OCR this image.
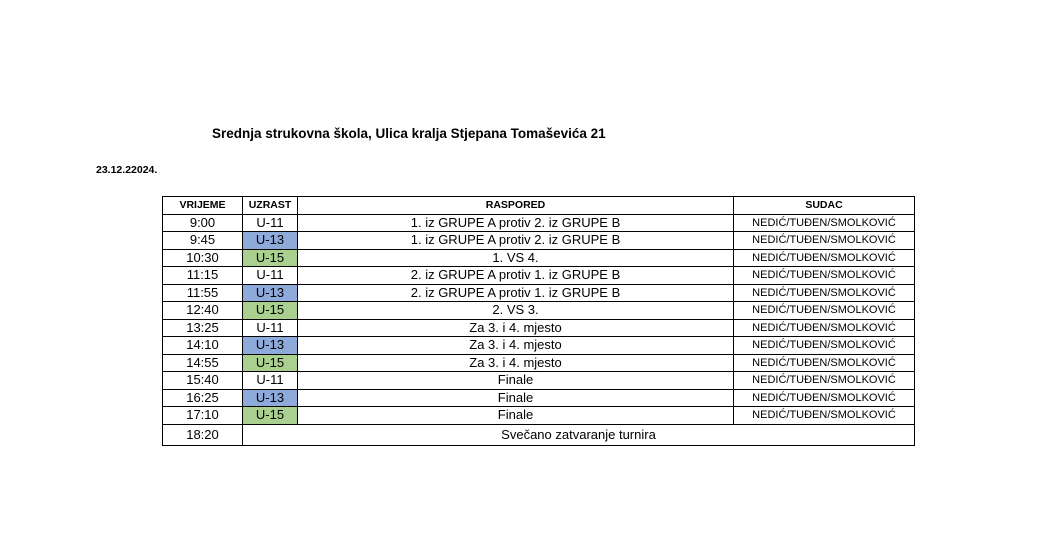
Srednja strukovna škola, Ulica kralja Stjepana Tomaševića 21
23.12.22024.
VRIJEME	UZRAST	RASPORED	SUDAC
9:00	U-11	1. iz GRUPE A protiv 2. iz GRUPE B	NEDIĆ/TUĐEN/SMOLKOVIĆ
9:45	U-13	1. iz GRUPE A protiv 2. iz GRUPE B	NEDIĆ/TUĐEN/SMOLKOVIĆ
10:30	U-15	1. VS 4.	NEDIĆ/TUĐEN/SMOLKOVIĆ
11:15	U-11	2. iz GRUPE A protiv 1. iz GRUPE B	NEDIĆ/TUĐEN/SMOLKOVIĆ
11:55	U-13	2. iz GRUPE A protiv 1. iz GRUPE B	NEDIĆ/TUĐEN/SMOLKOVIĆ
12:40	U-15	2. VS 3.	NEDIĆ/TUĐEN/SMOLKOVIĆ
13:25	U-11	Za 3. i 4. mjesto	NEDIĆ/TUĐEN/SMOLKOVIĆ
14:10	U-13	Za 3. i 4. mjesto	NEDIĆ/TUĐEN/SMOLKOVIĆ
14:55	U-15	Za 3. i 4. mjesto	NEDIĆ/TUĐEN/SMOLKOVIĆ
15:40	U-11	Finale	NEDIĆ/TUĐEN/SMOLKOVIĆ
16:25	U-13	Finale	NEDIĆ/TUĐEN/SMOLKOVIĆ
17:10	U-15	Finale	NEDIĆ/TUĐEN/SMOLKOVIĆ
18:20	Svečano zatvaranje turnira		
